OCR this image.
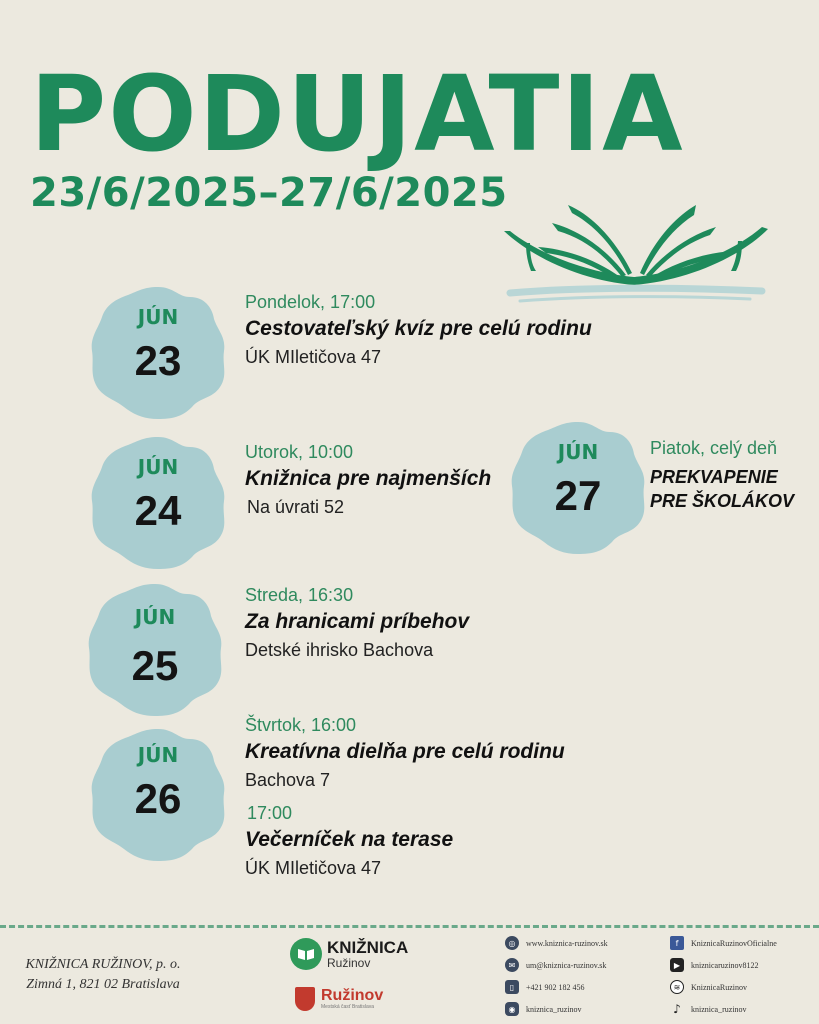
PODUJATIA
23/6/2025–27/6/2025
JÚN
23
Pondelok, 17:00
Cestovateľský kvíz pre celú rodinu
ÚK MIletičova 47
JÚN
24
Utorok, 10:00
Knižnica pre najmenších
Na úvrati 52
JÚN
25
Streda, 16:30
Za hranicami príbehov
Detské ihrisko Bachova
JÚN
26
Štvrtok, 16:00
Kreatívna dielňa pre celú rodinu
Bachova 7
17:00
Večerníček na terase
ÚK MIletičova 47
JÚN
27
Piatok, celý deň
PREKVAPENIE
PRE ŠKOLÁKOV
KNIŽNICA RUŽINOV, p. o.
Zimná 1, 821 02 Bratislava
KNIŽNICA
Ružinov
Ružinov
Mestská časť Bratislava
◎	www.kniznica-ruzinov.sk
✉	um@kniznica-ruzinov.sk
▯	+421 902 182 456
◉	kniznica_ruzinov
f	KniznicaRuzinovOficialne
▶	kniznicaruzinov8122
≋	KniznicaRuzinov
♪	kniznica_ruzinov
